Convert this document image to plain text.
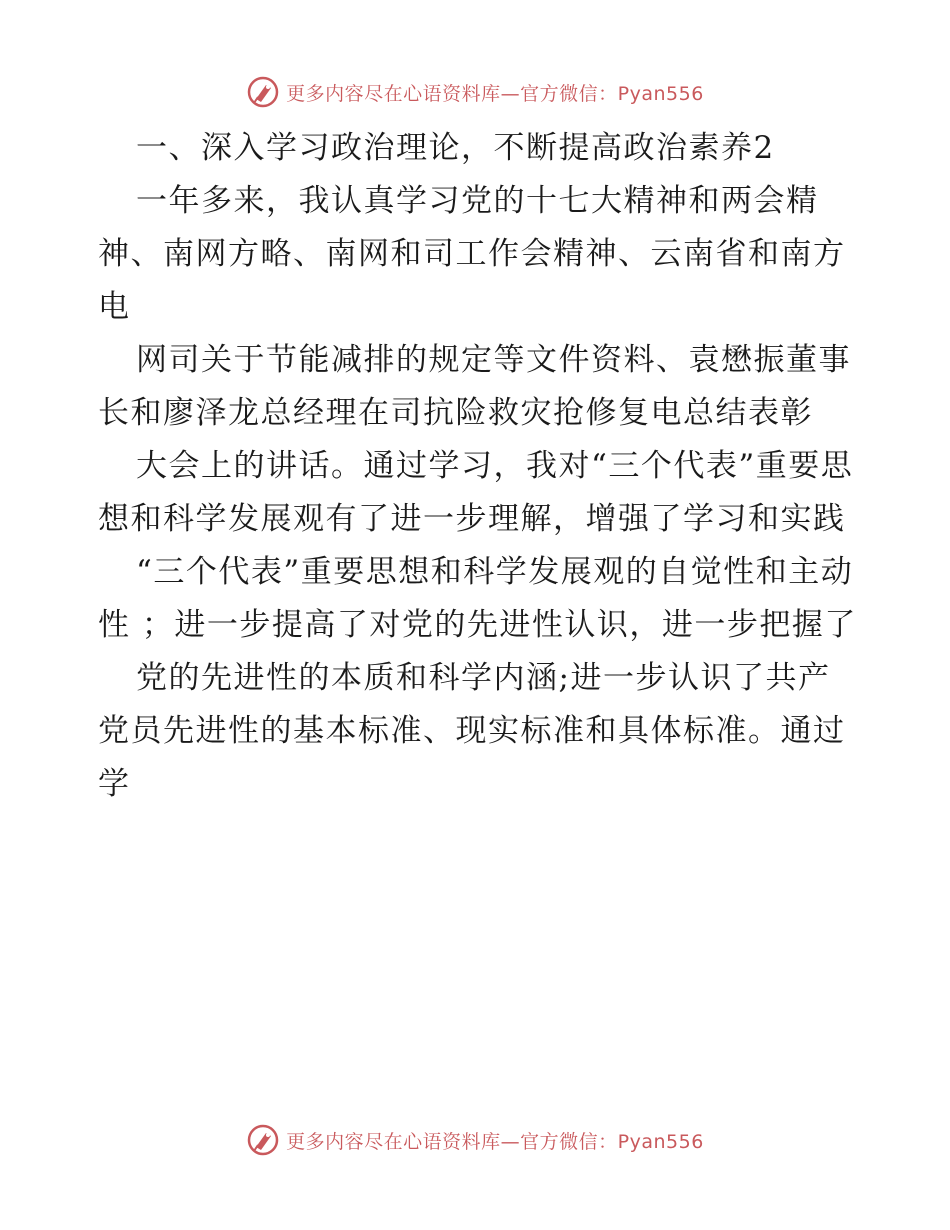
更多内容尽在心语资料库—官方微信：Pyan556

一、深入学习政治理论，不断提高政治素养2

一年多来，我认真学习党的十七大精神和两会精神、南网方略、南网和司工作会精神、云南省和南方电

网司关于节能减排的规定等文件资料、袁懋振董事长和廖泽龙总经理在司抗险救灾抢修复电总结表彰

大会上的讲话。通过学习，我对“三个代表”重要思想和科学发展观有了进一步理解，增强了学习和实践

“三个代表”重要思想和科学发展观的自觉性和主动性 ；进一步提高了对党的先进性认识，进一步把握了

党的先进性的本质和科学内涵;进一步认识了共产党员先进性的基本标准、现实标准和具体标准。通过学

更多内容尽在心语资料库—官方微信：Pyan556
